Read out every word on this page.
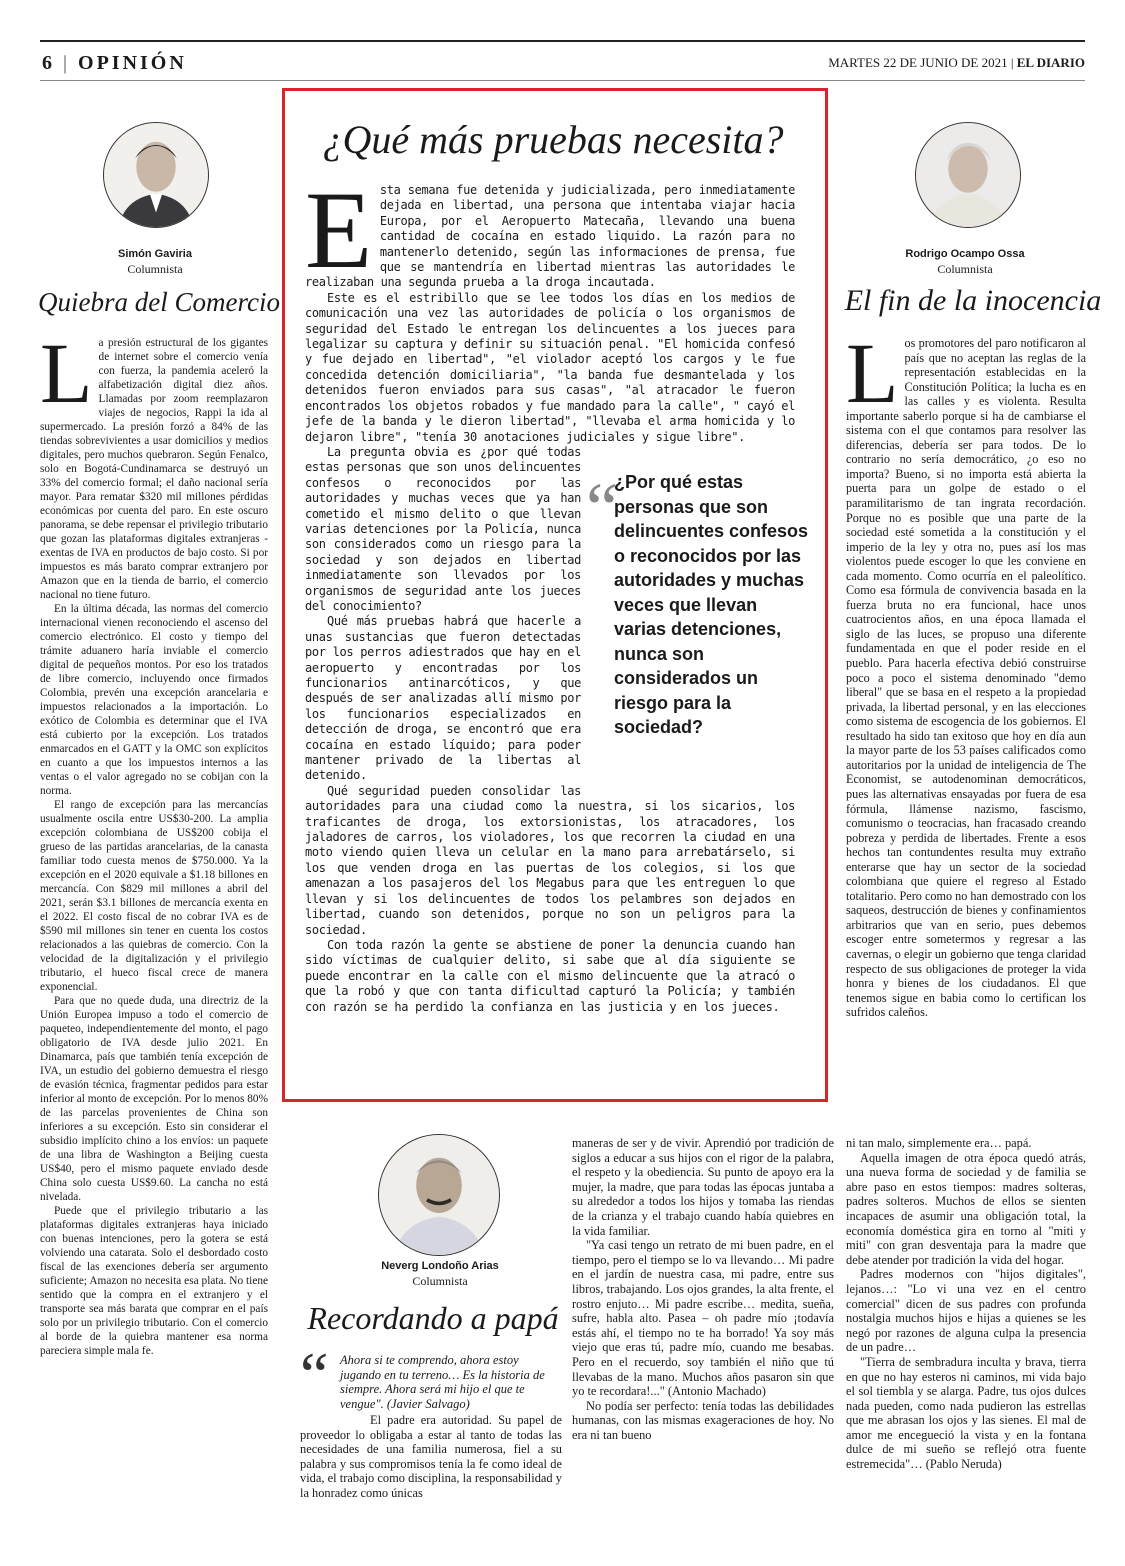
6 | OPINIÓN	MARTES 22 DE JUNIO DE 2021 | EL DIARIO
Simón Gaviria
Columnista
Quiebra del Comercio

La presión estructural de los gigantes de internet sobre el comercio venía con fuerza, la pandemia aceleró la alfabetización digital diez años. Llamadas por zoom reemplazaron viajes de negocios, Rappi la ida al supermercado. La presión forzó a 84% de las tiendas sobrevivientes a usar domicilios y medios digitales, pero muchos quebraron. Según Fenalco, solo en Bogotá-Cundinamarca se destruyó un 33% del comercio formal; el daño nacional sería mayor. Para rematar $320 mil millones pérdidas económicas por cuenta del paro. En este oscuro panorama, se debe repensar el privilegio tributario que gozan las plataformas digitales extranjeras -exentas de IVA en productos de bajo costo. Si por impuestos es más barato comprar extranjero por Amazon que en la tienda de barrio, el comercio nacional no tiene futuro.

En la última década, las normas del comercio internacional vienen reconociendo el ascenso del comercio electrónico. El costo y tiempo del trámite aduanero haría inviable el comercio digital de pequeños montos. Por eso los tratados de libre comercio, incluyendo once firmados Colombia, prevén una excepción arancelaria e impuestos relacionados a la importación. Lo exótico de Colombia es determinar que el IVA está cubierto por la excepción. Los tratados enmarcados en el GATT y la OMC son explícitos en cuanto a que los impuestos internos a las ventas o el valor agregado no se cobijan con la norma.

El rango de excepción para las mercancías usualmente oscila entre US$30-200. La amplia excepción colombiana de US$200 cobija el grueso de las partidas arancelarias, de la canasta familiar todo cuesta menos de $750.000. Ya la excepción en el 2020 equivale a $1.18 billones en mercancía. Con $829 mil millones a abril del 2021, serán $3.1 billones de mercancía exenta en el 2022. El costo fiscal de no cobrar IVA es de $590 mil millones sin tener en cuenta los costos relacionados a las quiebras de comercio. Con la velocidad de la digitalización y el privilegio tributario, el hueco fiscal crece de manera exponencial.

Para que no quede duda, una directriz de la Unión Europea impuso a todo el comercio de paqueteo, independientemente del monto, el pago obligatorio de IVA desde julio 2021. En Dinamarca, país que también tenía excepción de IVA, un estudio del gobierno demuestra el riesgo de evasión técnica, fragmentar pedidos para estar inferior al monto de excepción. Por lo menos 80% de las parcelas provenientes de China son inferiores a su excepción. Esto sin considerar el subsidio implícito chino a los envíos: un paquete de una libra de Washington a Beijing cuesta US$40, pero el mismo paquete enviado desde China solo cuesta US$9.60. La cancha no está nivelada.

Puede que el privilegio tributario a las plataformas digitales extranjeras haya iniciado con buenas intenciones, pero la gotera se está volviendo una catarata. Solo el desbordado costo fiscal de las exenciones debería ser argumento suficiente; Amazon no necesita esa plata. No tiene sentido que la compra en el extranjero y el transporte sea más barata que comprar en el país solo por un privilegio tributario. Con el comercio al borde de la quiebra mantener esa norma pareciera simple mala fe.

¿Qué más pruebas necesita?

Esta semana fue detenida y judicializada, pero inmediatamente dejada en libertad, una persona que intentaba viajar hacia Europa, por el Aeropuerto Matecaña, llevando una buena cantidad de cocaína en estado liquido. La razón para no mantenerlo detenido, según las informaciones de prensa, fue que se mantendría en libertad mientras las autoridades le realizaban una segunda prueba a la droga incautada.

Este es el estribillo que se lee todos los días en los medios de comunicación una vez las autoridades de policía o los organismos de seguridad del Estado le entregan los delincuentes a los jueces para legalizar su captura y definir su situación penal. "El homicida confesó y fue dejado en libertad", "el violador aceptó los cargos y le fue concedida detención domiciliaria", "la banda fue desmantelada y los detenidos fueron enviados para sus casas", "al atracador le fueron encontrados los objetos robados y fue mandado para la calle", " cayó el jefe de la banda y le dieron libertad", "llevaba el arma homicida y lo dejaron libre", "tenía 30 anotaciones judiciales y sigue libre".

La pregunta obvia es ¿por qué todas estas personas que son unos delincuentes confesos o reconocidos por las autoridades y muchas veces que ya han cometido el mismo delito o que llevan varias detenciones por la Policía, nunca son considerados como un riesgo para la sociedad y son dejados en libertad inmediatamente son llevados por los organismos de seguridad ante los jueces del conocimiento?

Qué más pruebas habrá que hacerle a unas sustancias que fueron detectadas por los perros adiestrados que hay en el aeropuerto y encontradas por los funcionarios antinarcóticos, y que después de ser analizadas allí mismo por los funcionarios especializados en detección de droga, se encontró que era cocaína en estado líquido; para poder mantener privado de la libertas al detenido.

Qué seguridad pueden consolidar las autoridades para una ciudad como la nuestra, si los sicarios, los traficantes de droga, los extorsionistas, los atracadores, los jaladores de carros, los violadores, los que recorren la ciudad en una moto viendo quien lleva un celular en la mano para arrebatárselo, si los que venden droga en las puertas de los colegios, si los que amenazan a los pasajeros del los Megabus para que les entreguen lo que llevan y si los delincuentes de todos los pelambres son dejados en libertad, cuando son detenidos, porque no son un peligros para la sociedad.

Con toda razón la gente se abstiene de poner la denuncia cuando han sido víctimas de cualquier delito, si sabe que al día siguiente se puede encontrar en la calle con el mismo delincuente que la atracó o que la robó y que con tanta dificultad capturó la Policía; y también con razón se ha perdido la confianza en las justicia y en los jueces.

“
¿Por qué estas personas que son delincuentes confesos o reconocidos por las autoridades y muchas veces que llevan varias detenciones, nunca son considerados un riesgo para la sociedad?
Rodrigo Ocampo Ossa
Columnista
El fin de la inocencia

Los promotores del paro notificaron al país que no aceptan las reglas de la representación establecidas en la Constitución Política; la lucha es en las calles y es violenta. Resulta importante saberlo porque si ha de cambiarse el sistema con el que contamos para resolver las diferencias, debería ser para todos. De lo contrario no sería democrático, ¿o eso no importa? Bueno, si no importa está abierta la puerta para un golpe de estado o el paramilitarismo de tan ingrata recordación. Porque no es posible que una parte de la sociedad esté sometida a la constitución y el imperio de la ley y otra no, pues así los mas violentos puede escoger lo que les conviene en cada momento. Como ocurría en el paleolítico. Como esa fórmula de convivencia basada en la fuerza bruta no era funcional, hace unos cuatrocientos años, en una época llamada el siglo de las luces, se propuso una diferente fundamentada en que el poder reside en el pueblo. Para hacerla efectiva debió construirse poco a poco el sistema denominado "demo liberal" que se basa en el respeto a la propiedad privada, la libertad personal, y en las elecciones como sistema de escogencia de los gobiernos. El resultado ha sido tan exitoso que hoy en día aun la mayor parte de los 53 países calificados como autoritarios por la unidad de inteligencia de The Economist, se autodenominan democráticos, pues las alternativas ensayadas por fuera de esa fórmula, llámense nazismo, fascismo, comunismo o teocracias, han fracasado creando pobreza y perdida de libertades. Frente a esos hechos tan contundentes resulta muy extraño enterarse que hay un sector de la sociedad colombiana que quiere el regreso al Estado totalitario. Pero como no han demostrado con los saqueos, destrucción de bienes y confinamientos arbitrarios que van en serio, pues debemos escoger entre sometermos y regresar a las cavernas, o elegir un gobierno que tenga claridad respecto de sus obligaciones de proteger la vida honra y bienes de los ciudadanos. El que tenemos sigue en babia como lo certifican los sufridos caleños.

Neverg Londoño Arias
Columnista
Recordando a papá
“ Ahora si te comprendo, ahora estoy jugando en tu terreno… Es la historia de siempre. Ahora será mi hijo el que te vengue". (Javier Salvago)

El padre era autoridad. Su papel de proveedor lo obligaba a estar al tanto de todas las necesidades de una familia numerosa, fiel a su palabra y sus compromisos tenía la fe como ideal de vida, el trabajo como disciplina, la responsabilidad y la honradez como únicas

maneras de ser y de vivir. Aprendió por tradición de siglos a educar a sus hijos con el rigor de la palabra, el respeto y la obediencia. Su punto de apoyo era la mujer, la madre, que para todas las épocas juntaba a su alrededor a todos los hijos y tomaba las riendas de la crianza y el trabajo cuando había quiebres en la vida familiar.

"Ya casi tengo un retrato de mi buen padre, en el tiempo, pero el tiempo se lo va llevando… Mi padre en el jardín de nuestra casa, mi padre, entre sus libros, trabajando. Los ojos grandes, la alta frente, el rostro enjuto… Mi padre escribe… medita, sueña, sufre, habla alto. Pasea – oh padre mío ¡todavía estás ahí, el tiempo no te ha borrado! Ya soy más viejo que eras tú, padre mío, cuando me besabas. Pero en el recuerdo, soy también el niño que tú llevabas de la mano. Muchos años pasaron sin que yo te recordara!..." (Antonio Machado)

No podía ser perfecto: tenía todas las debilidades humanas, con las mismas exageraciones de hoy. No era ni tan bueno

ni tan malo, simplemente era… papá.

Aquella imagen de otra época quedó atrás, una nueva forma de sociedad y de familia se abre paso en estos tiempos: madres solteras, padres solteros. Muchos de ellos se sienten incapaces de asumir una obligación total, la economía doméstica gira en torno al "miti y miti" con gran desventaja para la madre que debe atender por tradición la vida del hogar.

Padres modernos con "hijos digitales", lejanos…: "Lo vi una vez en el centro comercial" dicen de sus padres con profunda nostalgia muchos hijos e hijas a quienes se les negó por razones de alguna culpa la presencia de un padre…

"Tierra de sembradura inculta y brava, tierra en que no hay esteros ni caminos, mi vida bajo el sol tiembla y se alarga. Padre, tus ojos dulces nada pueden, como nada pudieron las estrellas que me abrasan los ojos y las sienes. El mal de amor me encegueció la vista y en la fontana dulce de mi sueño se reflejó otra fuente estremecida"… (Pablo Neruda)
